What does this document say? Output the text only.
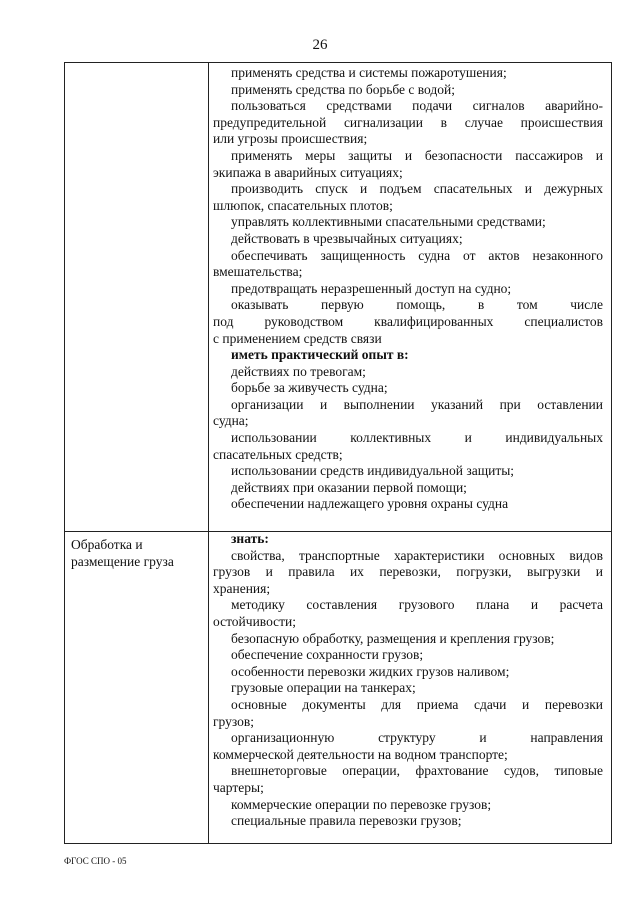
26
Обработка и
размещение груза
применять средства и системы пожаротушения;
применять средства по борьбе с водой;
пользоваться средствами подачи сигналов аварийно-
предупредительной сигнализации в случае происшествия
или угрозы происшествия;
применять меры защиты и безопасности пассажиров и
экипажа в аварийных ситуациях;
производить спуск и подъем спасательных и дежурных
шлюпок, спасательных плотов;
управлять коллективными спасательными средствами;
действовать в чрезвычайных ситуациях;
обеспечивать защищенность судна от актов незаконного
вмешательства;
предотвращать неразрешенный доступ на судно;
оказывать первую помощь, в том числе
под руководством квалифицированных специалистов
с применением средств связи
иметь практический опыт в:
действиях по тревогам;
борьбе за живучесть судна;
организации и выполнении указаний при оставлении
судна;
использовании коллективных и индивидуальных
спасательных средств;
использовании средств индивидуальной защиты;
действиях при оказании первой помощи;
обеспечении надлежащего уровня охраны судна
знать:
свойства, транспортные характеристики основных видов
грузов и правила их перевозки, погрузки, выгрузки и
хранения;
методику составления грузового плана и расчета
остойчивости;
безопасную обработку, размещения и крепления грузов;
обеспечение сохранности грузов;
особенности перевозки жидких грузов наливом;
грузовые операции на танкерах;
основные документы для приема сдачи и перевозки
грузов;
организационную структуру и направления
коммерческой деятельности на водном транспорте;
внешнеторговые операции, фрахтование судов, типовые
чартеры;
коммерческие операции по перевозке грузов;
специальные правила перевозки грузов;
ФГОС СПО - 05
